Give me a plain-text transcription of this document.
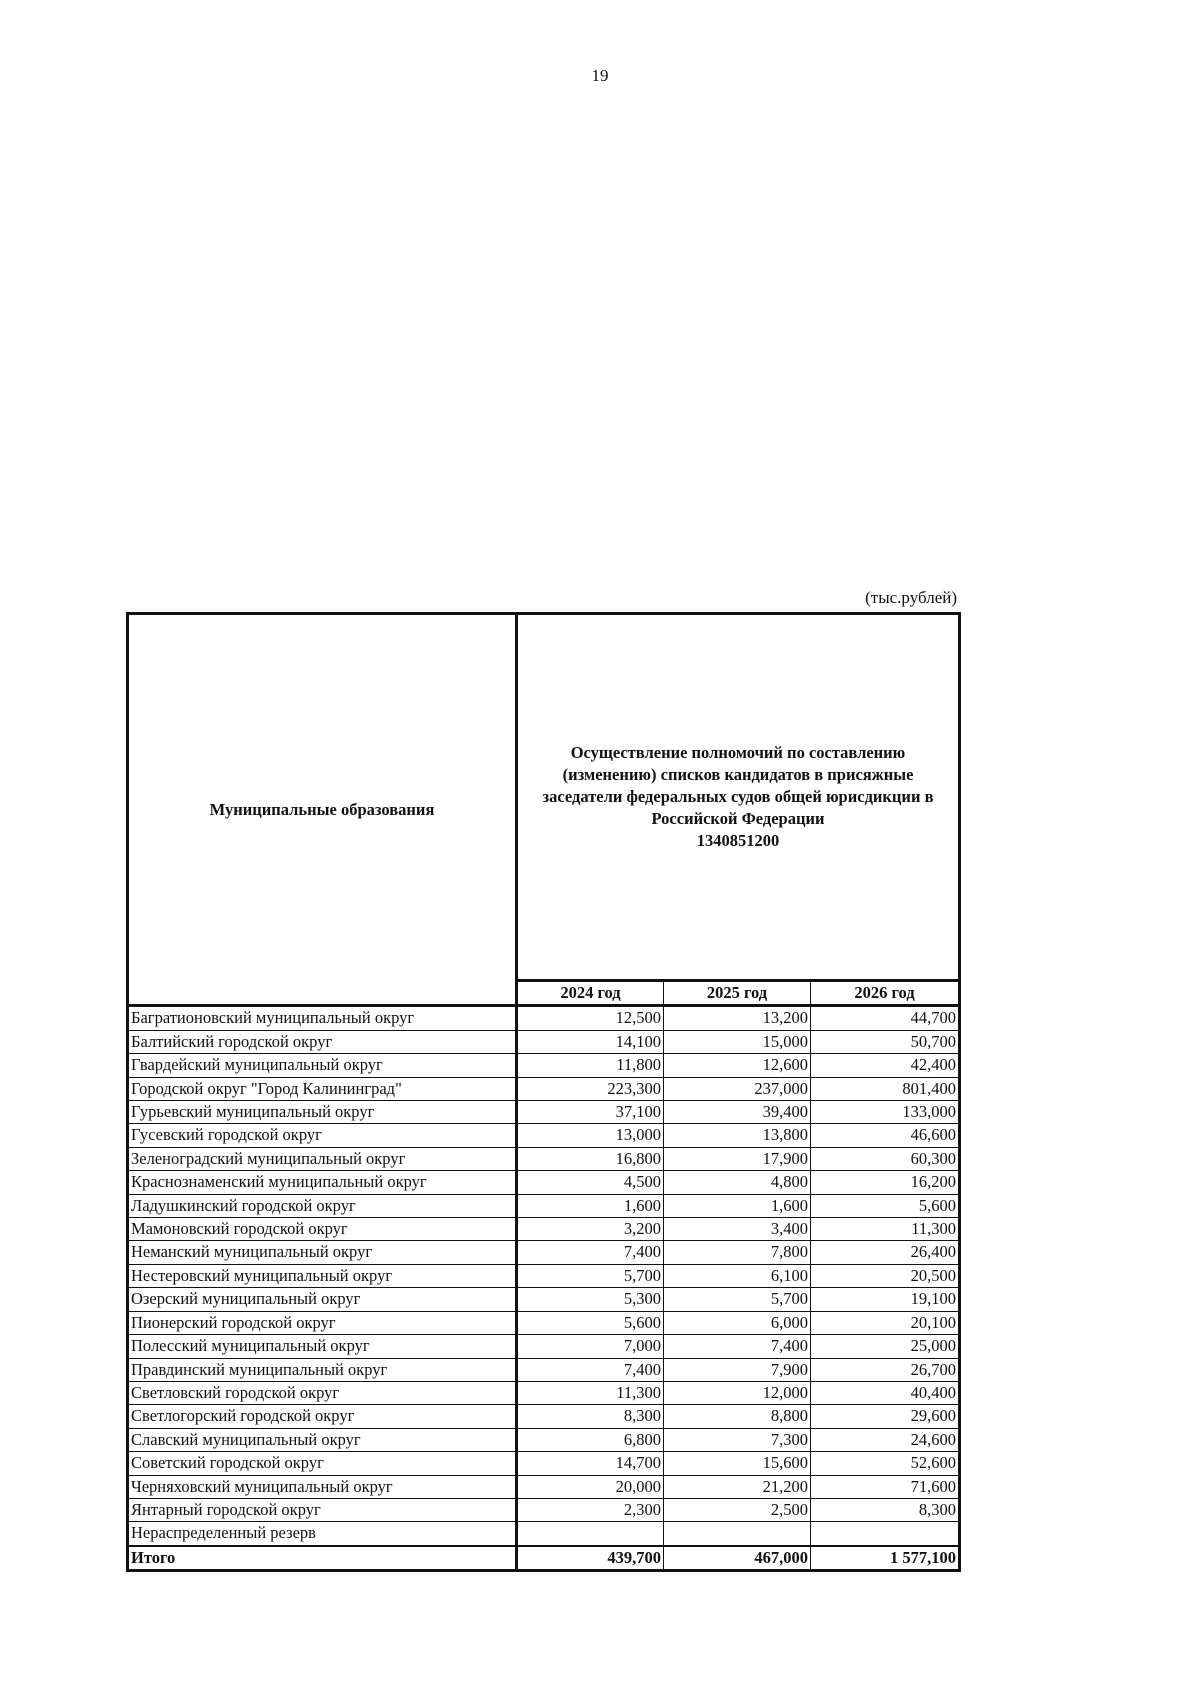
19
(тыс.рублей)
Муниципальные образования	Осуществление полномочий по составлению
(изменению) списков кандидатов в присяжные
заседатели федеральных судов общей юрисдикции в
Российской Федерации
1340851200		

	2024 год	2025 год	2026 год
Багратионовский муниципальный округ	12,500	13,200	44,700
Балтийский городской округ	14,100	15,000	50,700
Гвардейский муниципальный округ	11,800	12,600	42,400
Городской округ "Город Калининград"	223,300	237,000	801,400
Гурьевский муниципальный округ	37,100	39,400	133,000
Гусевский городской округ	13,000	13,800	46,600
Зеленоградский муниципальный округ	16,800	17,900	60,300
Краснознаменский муниципальный округ	4,500	4,800	16,200
Ладушкинский городской округ	1,600	1,600	5,600
Мамоновский городской округ	3,200	3,400	11,300
Неманский муниципальный округ	7,400	7,800	26,400
Нестеровский муниципальный округ	5,700	6,100	20,500
Озерский муниципальный округ	5,300	5,700	19,100
Пионерский городской округ	5,600	6,000	20,100
Полесский муниципальный округ	7,000	7,400	25,000
Правдинский муниципальный округ	7,400	7,900	26,700
Светловский городской округ	11,300	12,000	40,400
Светлогорский городской округ	8,300	8,800	29,600
Славский муниципальный округ	6,800	7,300	24,600
Советский городской округ	14,700	15,600	52,600
Черняховский муниципальный округ	20,000	21,200	71,600
Янтарный городской округ	2,300	2,500	8,300
Нераспределенный резерв			
Итого	439,700	467,000	1 577,100
